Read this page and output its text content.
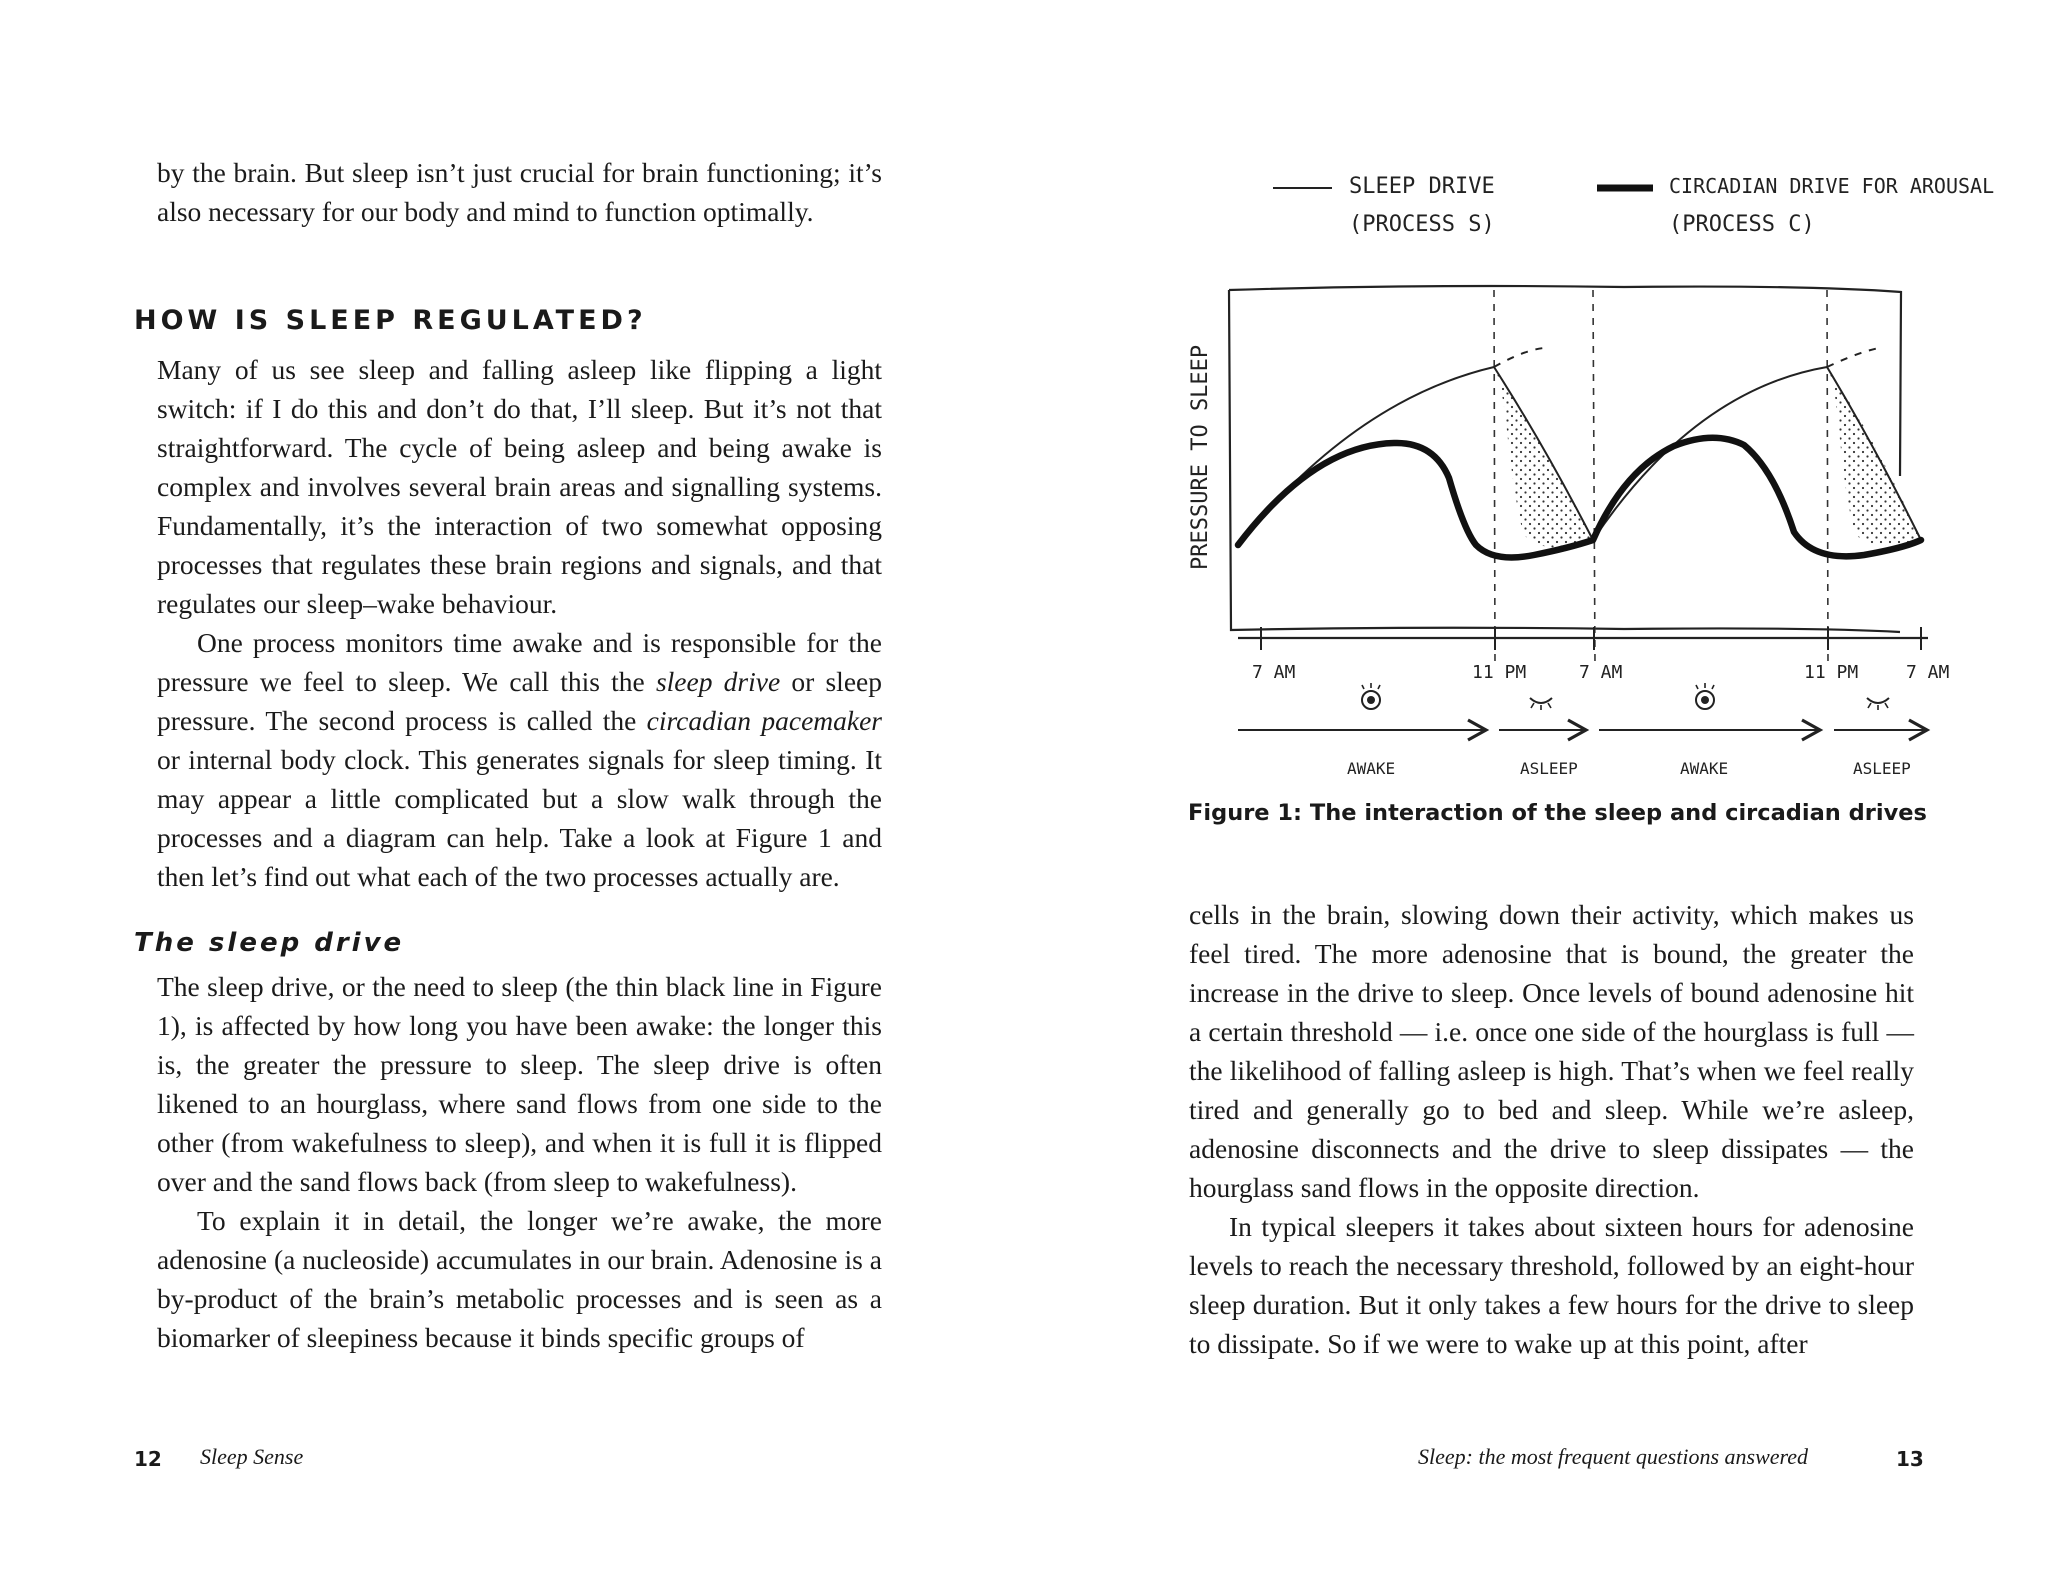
by the brain. But sleep isn’t just crucial for brain functioning; it’s also necessary for our body and mind to function optimally.

HOW IS SLEEP REGULATED?

Many of us see sleep and falling asleep like flipping a light switch: if I do this and don’t do that, I’ll sleep. But it’s not that straightforward. The cycle of being asleep and being awake is complex and involves several brain areas and signalling systems. Fundamentally, it’s the interaction of two somewhat opposing processes that regulates these brain regions and signals, and that regulates our sleep–wake behaviour.

One process monitors time awake and is responsible for the pressure we feel to sleep. We call this the sleep drive or sleep pressure. The second process is called the circadian pacemaker or internal body clock. This generates signals for sleep timing. It may appear a little complicated but a slow walk through the processes and a diagram can help. Take a look at Figure 1 and then let’s find out what each of the two processes actually are.

The sleep drive

The sleep drive, or the need to sleep (the thin black line in Figure 1), is affected by how long you have been awake: the longer this is, the greater the pressure to sleep. The sleep drive is often likened to an hourglass, where sand flows from one side to the other (from wakefulness to sleep), and when it is full it is flipped over and the sand flows back (from sleep to wakefulness).

To explain it in detail, the longer we’re awake, the more adenosine (a nucleoside) accumulates in our brain. Adenosine is a by-product of the brain’s metabolic processes and is seen as a biomarker of sleepiness because it binds specific groups of

12 Sleep Sense
SLEEP DRIVE
(PROCESS S)
CIRCADIAN DRIVE FOR AROUSAL
(PROCESS C)
PRESSURE TO SLEEP
7 AM	11 PM	7 AM	11 PM	7 AM
AWAKE	ASLEEP	AWAKE	ASLEEP

Figure 1: The interaction of the sleep and circadian drives

cells in the brain, slowing down their activity, which makes us feel tired. The more adenosine that is bound, the greater the increase in the drive to sleep. Once levels of bound adenosine hit a certain threshold — i.e. once one side of the hourglass is full — the likelihood of falling asleep is high. That’s when we feel really tired and generally go to bed and sleep. While we’re asleep, adenosine disconnects and the drive to sleep dissipates — the hourglass sand flows in the opposite direction.

In typical sleepers it takes about sixteen hours for adenosine levels to reach the necessary threshold, followed by an eight-hour sleep duration. But it only takes a few hours for the drive to sleep to dissipate. So if we were to wake up at this point, after

Sleep: the most frequent questions answered	13
